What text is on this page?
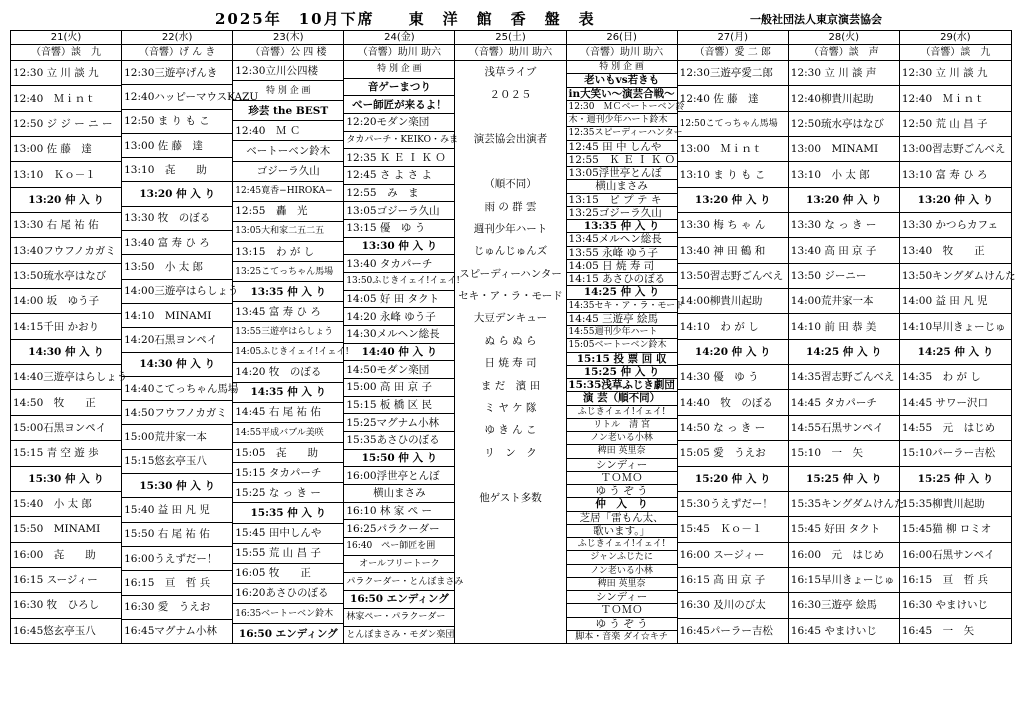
2025年　10月下席　　東　洋　館　香　盤　表	一般社団法人東京演芸協会
21(火)
（音響）談　九
12:30 立 川 談 九
12:40　Ｍｉｎｔ
12:50 ジ ジ ー ニ ー
13:00 佐 藤　達
13:10　Ｋｏ－１
13:20 仲 入 り
13:30 右 尾 祐 佑
13:40フウフノカガミ
13:50琉水亭はなび
14:00 坂　ゆう子
14:15千田 かおり
14:30 仲 入 り
14:40三遊亭はらしょう
14:50　牧　　正
15:00石黒ヨンペイ
15:15 青 空 遊 歩
15:30 仲 入 り
15:40　小 太 郎
15:50　MINAMI
16:00　㐂　　助
16:15 スージィー
16:30 牧　ひろし
16:45悠玄亭玉八
22(水)
（音響）げ ん き
12:30三遊亭げんき
12:40ハッピーマウスKAZU
12:50 ま り も こ
13:00 佐 藤　達
13:10　㐂　　助
13:20 仲 入 り
13:30 牧　のぼる
13:40 富 寿 ひ ろ
13:50　小 太 郎
14:00三遊亭はらしょう
14:10　MINAMI
14:20石黒ヨンペイ
14:30 仲 入 り
14:40こてっちゃん馬場
14:50フウフノカガミ
15:00荒井家一本
15:15悠玄亭玉八
15:30 仲 入 り
15:40 益 田 凡 児
15:50 右 尾 祐 佑
16:00うえずだー！
16:15　亘　哲 兵
16:30 愛　うえお
16:45マグナム小林
23(木)
（音響）公 四 楼
12:30立川公四楼
特 別 企 画
珍芸 the BEST
12:40　Ｍ Ｃ
ベートーベン鈴木
ゴジーラ久山
12:45寛香−HIROKA−
12:55　轟　光
13:05大和家二五二五
13:15　わ が し
13:25こてっちゃん馬場
13:35 仲 入 り
13:45 富 寿 ひ ろ
13:55三遊亭はらしょう
14:05ふじきイェイ!イェイ!
14:20 牧　のぼる
14:35 仲 入 り
14:45 右 尾 祐 佑
14:55平成バブル美咲
15:05　㐂　　助
15:15 タカパーチ
15:25 な っ き ー
15:35 仲 入 り
15:45 田中しんや
15:55 荒 山 昌 子
16:05 牧　　正
16:20あさひのぼる
16:35ベートーベン鈴木
16:50 エンディング
24(金)
（音響）助川 助六
特 別 企 画
音ゲーまつり
べー師匠が来るよ！
12:20モダン楽団
タカパーチ・KEIKO・みま
12:35 Ｋ Ｅ Ｉ Ｋ Ｏ
12:45 さ よ さ よ
12:55　み　ま
13:05ゴジーラ久山
13:15 優　ゆ う
13:30 仲 入 り
13:40 タカパーチ
13:50ふじきイェイ!イェイ!
14:05 好 田 タクト
14:20 永峰 ゆう子
14:30メルヘン総長
14:40 仲 入 り
14:50モダン楽団
15:00 高 田 京 子
15:15 板 橋 区 民
15:25マグナム小林
15:35あさひのぼる
15:50 仲 入 り
16:00浮世亭とんぼ
横山まさみ
16:10 林 家 ぺ ー
16:25パラクーダー
16:40　ぺー師匠を囲
オールフリートーク
パラクーダー・とんぼまさみ
16:50 エンディング
林家ぺー・パラクーダー
とんぼまさみ・モダン楽団
25(土)
（音響）助川 助六
浅草ライブ
２０２５
演芸協会出演者
（順不同）
雨 の 群 雲
週刊少年ハート
じゅんじゅんズ
スピーディーハンター
セキ・ア・ラ・モード
大豆デンキュー
ぬ ら ぬ ら
日 焼 寿 司
ま だ　濱 田
ミ ヤ ケ 隊
ゆ き ん こ
リ　ン　ク
他ゲスト多数
26(日)
（音響）助川 助六
特 別 企 画
老いもvs若きも
in大笑い〜演芸合戦〜
12:30　ＭＣベートーベン鈴
木・週刊少年ハート鈴木
12:35スピーディーハンター
12:45 田 中 しんや
12:55　Ｋ Ｅ Ｉ Ｋ Ｏ
13:05浮世亭とんぼ
横山まさみ
13:15　ピ プ テ キ
13:25ゴジーラ久山
13:35 仲 入 り
13:45メルヘン総長
13:55 永峰 ゆう子
14:05 日 焼 寿 司
14:15 あさひのぼる
14:25 仲 入 り
14:35セキ・ア・ラ・モード
14:45 三遊亭 絵馬
14:55週刊少年ハート
15:05ベートーベン鈴木
15:15 投 票 回 収
15:25 仲 入 り
15:35浅草ふじき劇団
演 芸（順不同）
ふじきイェイ!イェイ!
リトル　清 宮
ノン老いる小林
稗田 英里奈
シンディー
ＴＯＭＯ
ゆ う ぞ う
仲　入　り
芝居「雷もん太、
歌います。」
ふじきイェイ!イェイ!
ジャンふじたに
ノン老いる小林
稗田 英里奈
シンディー
ＴＯＭＯ
ゆ う ぞ う
脚本・音楽 ダイ☆キチ
27(月)
（音響）愛 二 郎
12:30三遊亭愛二郎
12:40 佐 藤　達
12:50こてっちゃん馬場
13:00　Ｍｉｎｔ
13:10 ま り も こ
13:20 仲 入 り
13:30 梅 ち ゃ ん
13:40 神 田 鶴 和
13:50習志野ごんべえ
14:00柳貴川起助
14:10　わ が し
14:20 仲 入 り
14:30 優　ゆ う
14:40　牧　のぼる
14:50 な っ き ー
15:05 愛　うえお
15:20 仲 入 り
15:30うえずだー！
15:45　Ｋｏ－１
16:00 スージィー
16:15 高 田 京 子
16:30 及川のび太
16:45パーラー吉松
28(火)
（音響）談　声
12:30 立 川 談 声
12:40柳貴川起助
12:50琉水亭はなび
13:00　MINAMI
13:10　小 太 郎
13:20 仲 入 り
13:30 な っ き ー
13:40 高 田 京 子
13:50 ジーニー
14:00荒井家一本
14:10 前 田 恭 美
14:25 仲 入 り
14:35習志野ごんべえ
14:45 タカパーチ
14:55石黒サンペイ
15:10　一　矢
15:25 仲 入 り
15:35キングダムけんた
15:45 好田 タクト
16:00　元　はじめ
16:15早川きょーじゅ
16:30三遊亭 絵馬
16:45 やまけいじ
29(水)
（音響）談　九
12:30 立 川 談 九
12:40　Ｍｉｎｔ
12:50 荒 山 昌 子
13:00習志野ごんべえ
13:10 富 寿 ひ ろ
13:20 仲 入 り
13:30 かつらカフェ
13:40　牧　　正
13:50キングダムけんた
14:00 益 田 凡 児
14:10早川きょーじゅ
14:25 仲 入 り
14:35　わ が し
14:45 サワー沢口
14:55　元　はじめ
15:10パーラー吉松
15:25 仲 入 り
15:35柳貴川起助
15:45猫 柳 ロミオ
16:00石黒サンペイ
16:15　亘　哲 兵
16:30 やまけいじ
16:45　一　矢
